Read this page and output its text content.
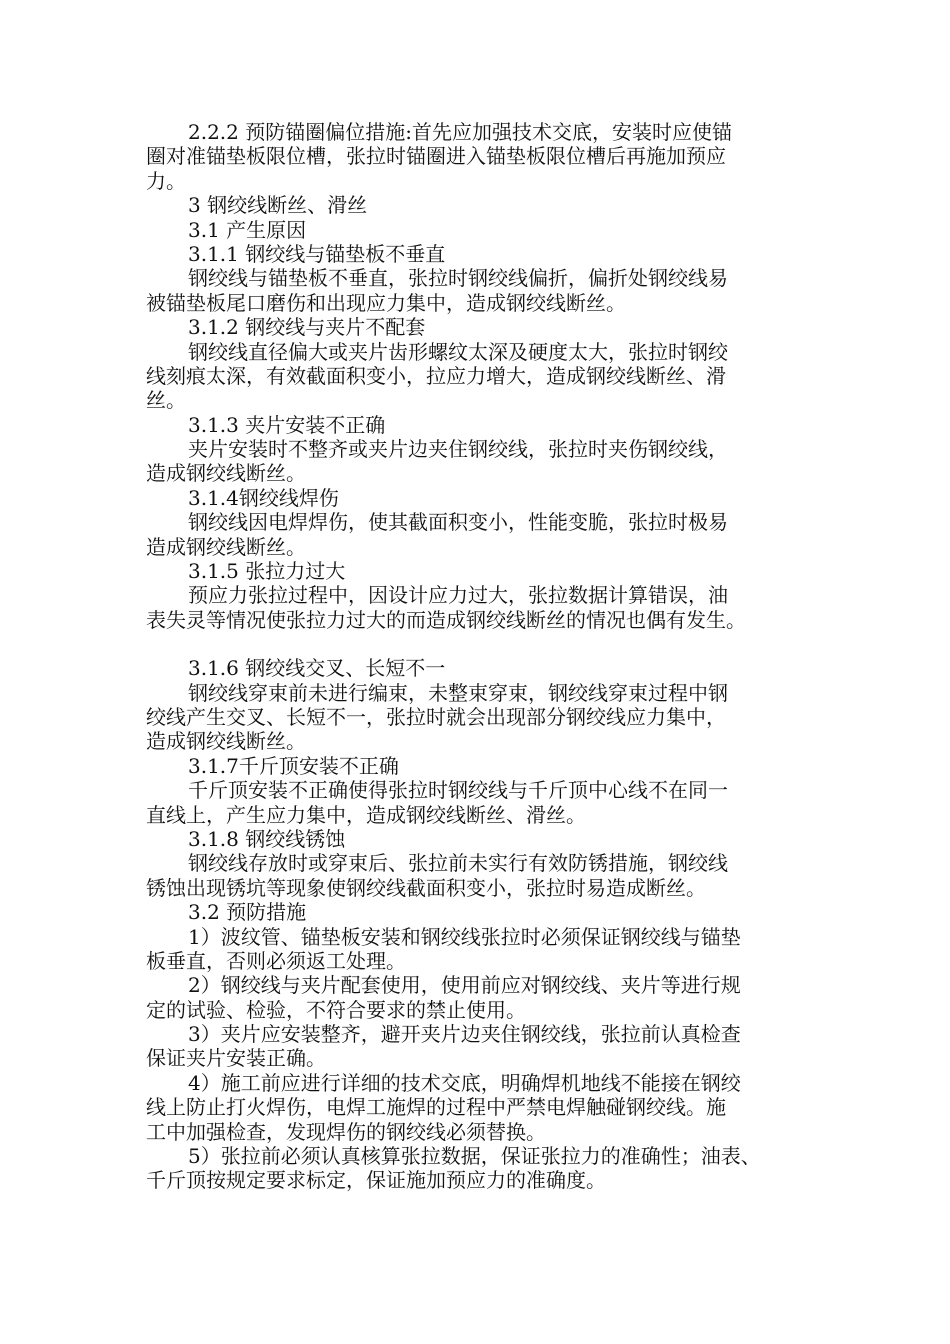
2.2.2 预防锚圈偏位措施:首先应加强技术交底，安装时应使锚
圈对准锚垫板限位槽，张拉时锚圈进入锚垫板限位槽后再施加预应
力。
3 钢绞线断丝、滑丝
3.1 产生原因
3.1.1 钢绞线与锚垫板不垂直
钢绞线与锚垫板不垂直，张拉时钢绞线偏折，偏折处钢绞线易
被锚垫板尾口磨伤和出现应力集中，造成钢绞线断丝。
3.1.2 钢绞线与夹片不配套
钢绞线直径偏大或夹片齿形螺纹太深及硬度太大，张拉时钢绞
线刻痕太深，有效截面积变小，拉应力增大，造成钢绞线断丝、滑
丝。
3.1.3 夹片安装不正确
夹片安装时不整齐或夹片边夹住钢绞线，张拉时夹伤钢绞线，
造成钢绞线断丝。
3.1.4钢绞线焊伤
钢绞线因电焊焊伤，使其截面积变小，性能变脆，张拉时极易
造成钢绞线断丝。
3.1.5 张拉力过大
预应力张拉过程中，因设计应力过大，张拉数据计算错误，油
表失灵等情况使张拉力过大的而造成钢绞线断丝的情况也偶有发生。
3.1.6 钢绞线交叉、长短不一
钢绞线穿束前未进行编束，未整束穿束，钢绞线穿束过程中钢
绞线产生交叉、长短不一，张拉时就会出现部分钢绞线应力集中，
造成钢绞线断丝。
3.1.7千斤顶安装不正确
千斤顶安装不正确使得张拉时钢绞线与千斤顶中心线不在同一
直线上，产生应力集中，造成钢绞线断丝、滑丝。
3.1.8 钢绞线锈蚀
钢绞线存放时或穿束后、张拉前未实行有效防锈措施，钢绞线
锈蚀出现锈坑等现象使钢绞线截面积变小，张拉时易造成断丝。
3.2 预防措施
1）波纹管、锚垫板安装和钢绞线张拉时必须保证钢绞线与锚垫
板垂直，否则必须返工处理。
2）钢绞线与夹片配套使用，使用前应对钢绞线、夹片等进行规
定的试验、检验，不符合要求的禁止使用。
3）夹片应安装整齐，避开夹片边夹住钢绞线，张拉前认真检查
保证夹片安装正确。
4）施工前应进行详细的技术交底，明确焊机地线不能接在钢绞
线上防止打火焊伤，电焊工施焊的过程中严禁电焊触碰钢绞线。施
工中加强检查，发现焊伤的钢绞线必须替换。
5）张拉前必须认真核算张拉数据，保证张拉力的准确性；油表、
千斤顶按规定要求标定，保证施加预应力的准确度。
